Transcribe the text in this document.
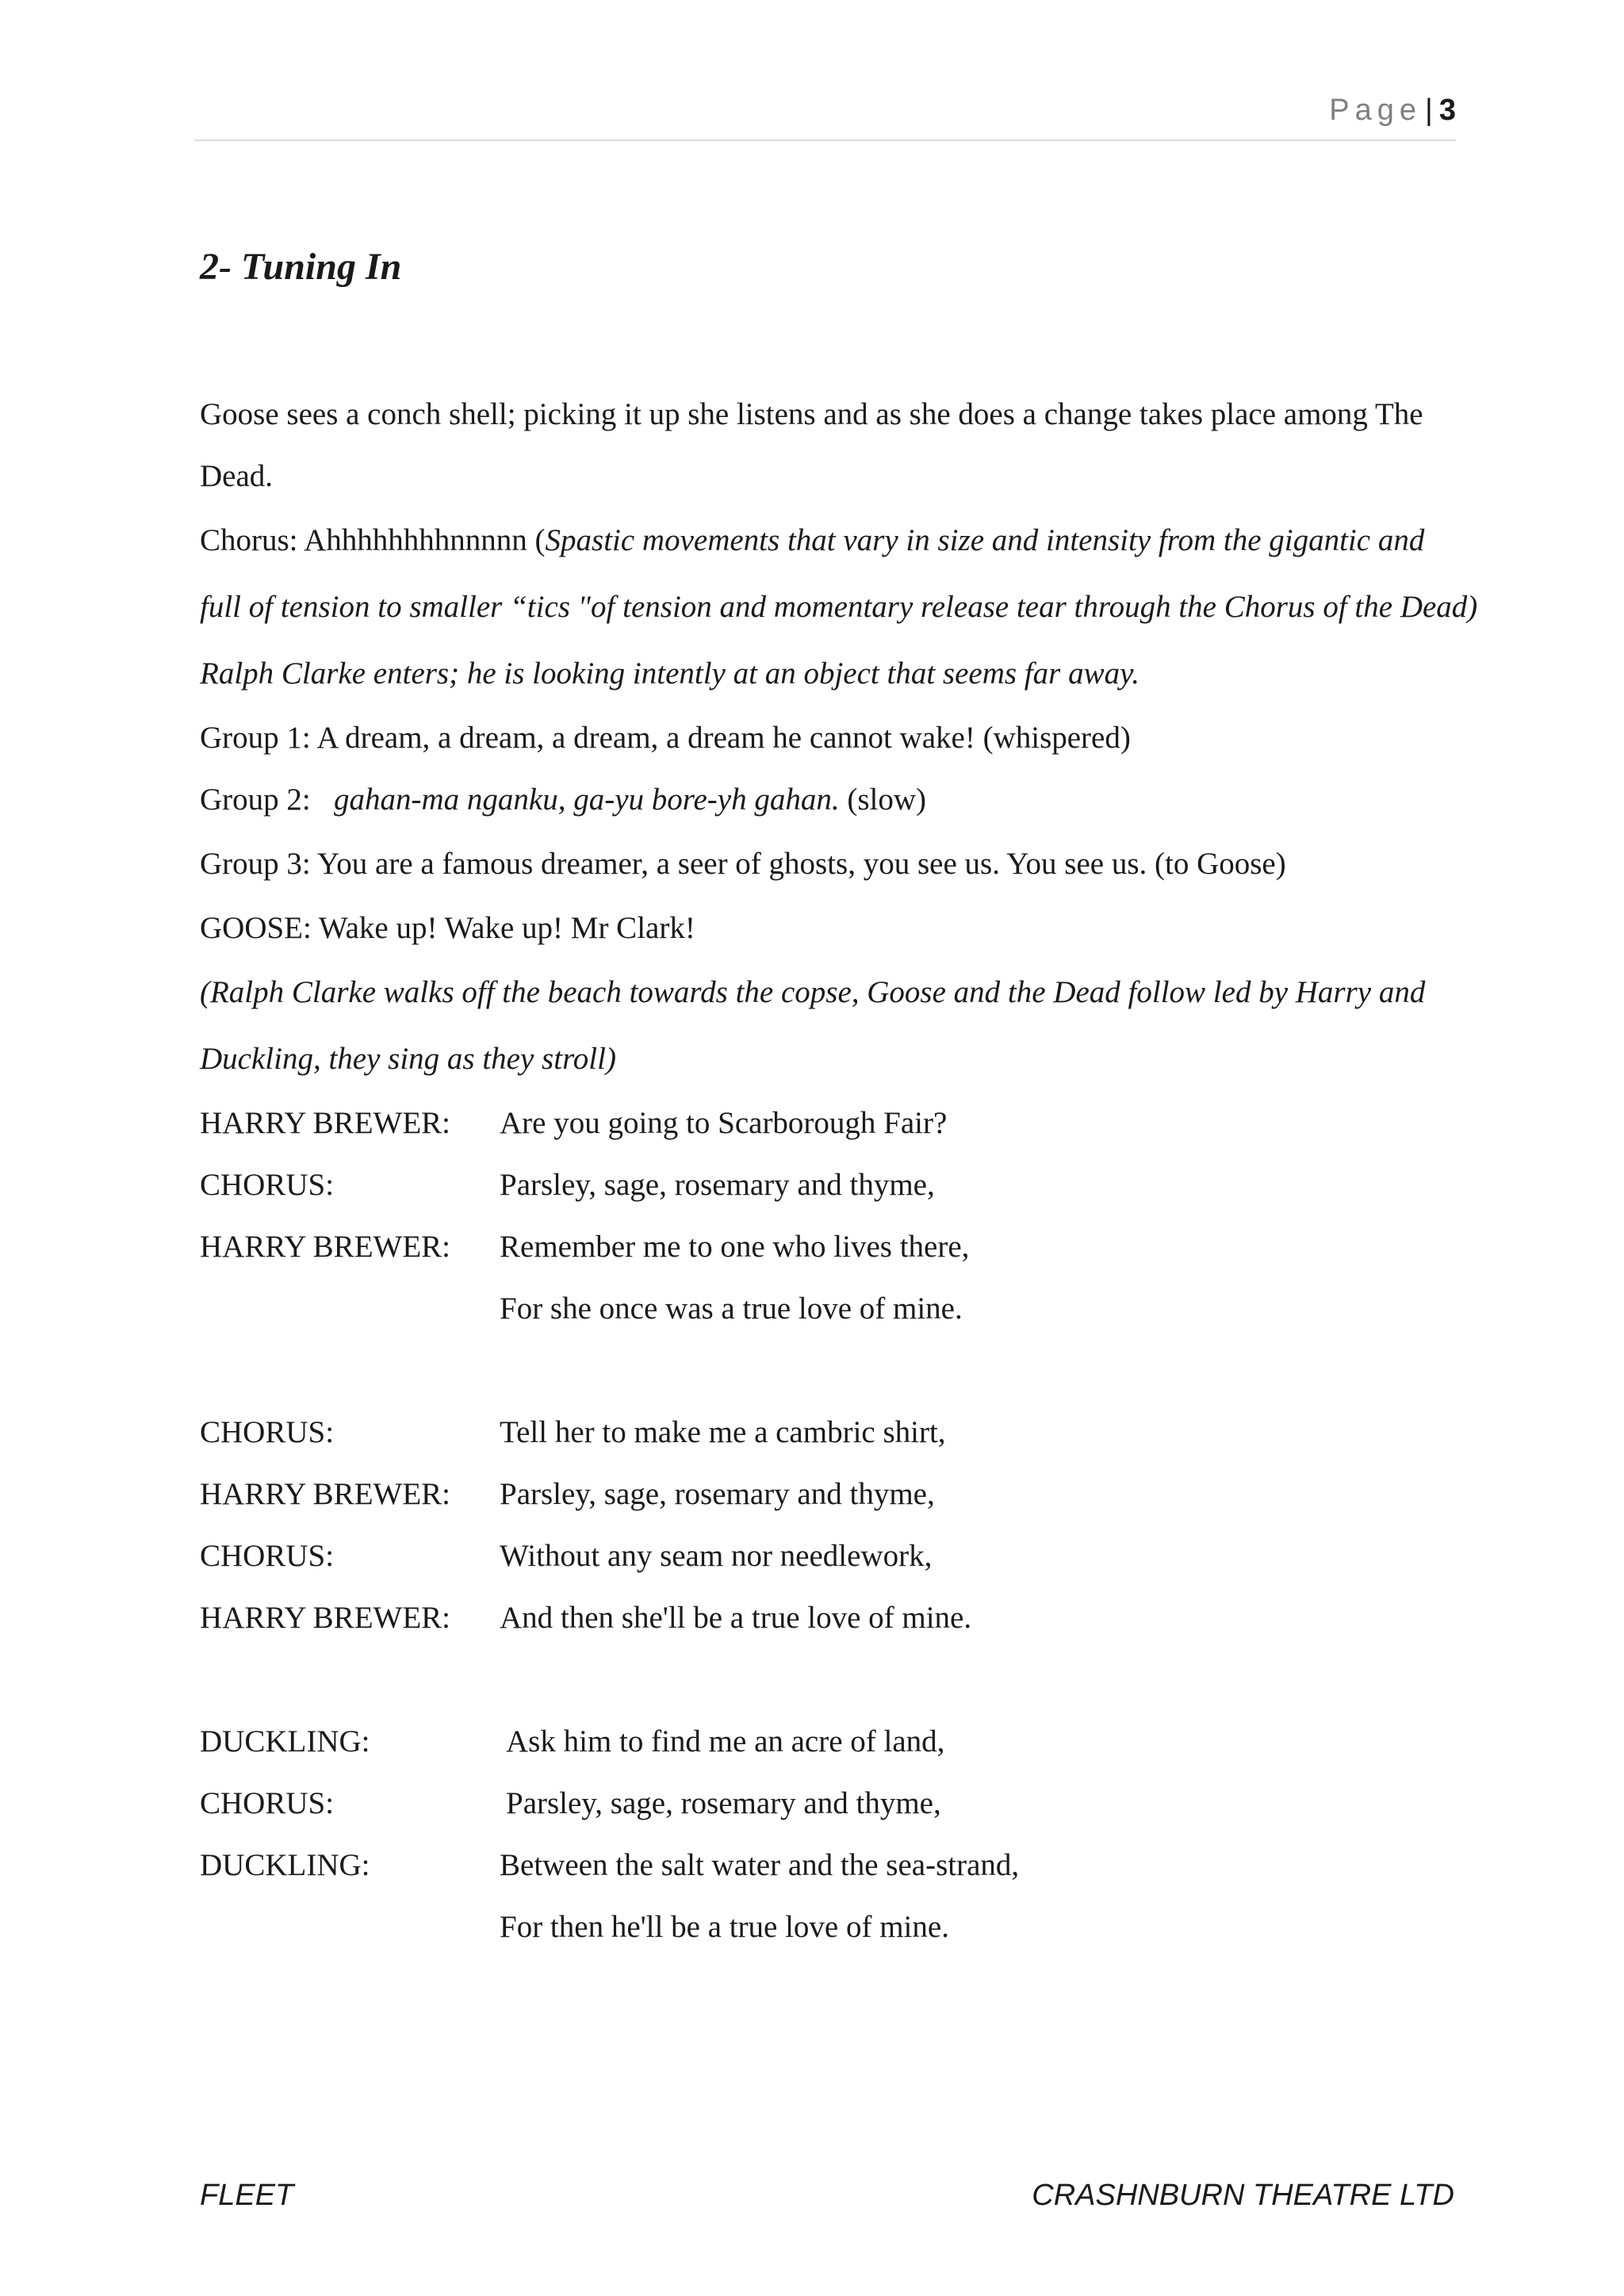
Page | 3
2- Tuning In
Goose sees a conch shell; picking it up she listens and as she does a change takes place among The
Dead.
Chorus: Ahhhhhhhhnnnnn (Spastic movements that vary in size and intensity from the gigantic and
full of tension to smaller “tics "of tension and momentary release tear through the Chorus of the Dead)
Ralph Clarke enters; he is looking intently at an object that seems far away.
Group 1: A dream, a dream, a dream, a dream he cannot wake! (whispered)
Group 2:   gahan-ma nganku, ga-yu bore-yh gahan. (slow)
Group 3: You are a famous dreamer, a seer of ghosts, you see us. You see us. (to Goose)
GOOSE: Wake up! Wake up! Mr Clark!
(Ralph Clarke walks off the beach towards the copse, Goose and the Dead follow led by Harry and
Duckling, they sing as they stroll)
HARRY BREWER:	Are you going to Scarborough Fair?
CHORUS:	Parsley, sage, rosemary and thyme,
HARRY BREWER:	Remember me to one who lives there,
For she once was a true love of mine.
CHORUS:	Tell her to make me a cambric shirt,
HARRY BREWER:	Parsley, sage, rosemary and thyme,
CHORUS:	Without any seam nor needlework,
HARRY BREWER:	And then she'll be a true love of mine.
DUCKLING:	Ask him to find me an acre of land,
CHORUS:	Parsley, sage, rosemary and thyme,
DUCKLING:	Between the salt water and the sea-strand,
For then he'll be a true love of mine.
FLEET	CRASHNBURN THEATRE LTD
